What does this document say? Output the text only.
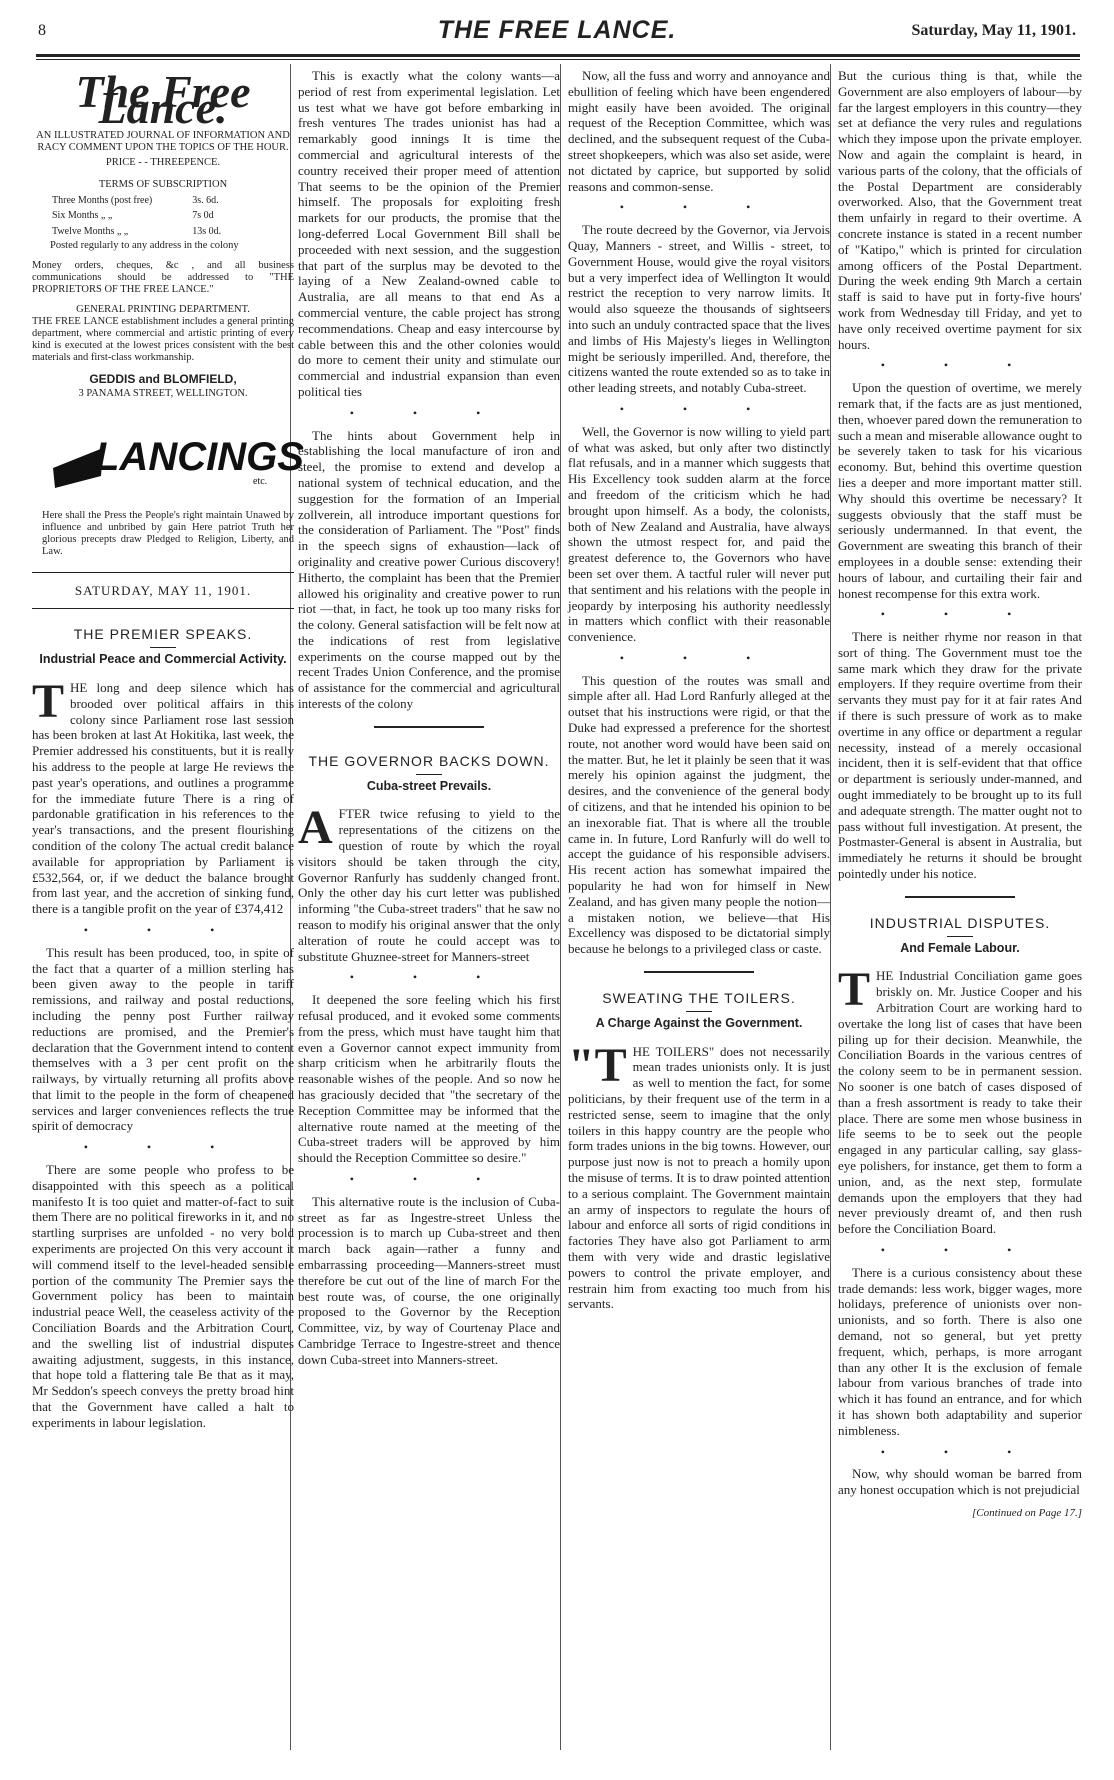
8	THE FREE LANCE.	Saturday, May 11, 1901.
The Free Lance.
AN ILLUSTRATED JOURNAL OF INFORMATION AND RACY COMMENT UPON THE TOPICS OF THE HOUR.
PRICE - - THREEPENCE.
TERMS OF SUBSCRIPTION
Three Months (post free)	3s. 6d.
Six Months „ „	7s 0d
Twelve Months „ „	13s 0d.
Posted regularly to any address in the colony
Money orders, cheques, &c , and all business communications should be addressed to "THE PROPRIETORS OF THE FREE LANCE."
GENERAL PRINTING DEPARTMENT.
THE FREE LANCE establishment includes a general printing department, where commercial and artistic printing of every kind is executed at the lowest prices consistent with the best materials and first-class workmanship.
GEDDIS and BLOMFIELD,
3 PANAMA STREET, WELLINGTON.
LANCINGS
etc.
Here shall the Press the People's right maintain Unawed by influence and unbribed by gain Here patriot Truth her glorious precepts draw Pledged to Religion, Liberty, and Law.
SATURDAY, MAY 11, 1901.
THE PREMIER SPEAKS.
Industrial Peace and Commercial Activity.

THE long and deep silence which has brooded over political affairs in this colony since Parliament rose last session has been broken at last At Hokitika, last week, the Premier addressed his constituents, but it is really his address to the people at large He reviews the past year's operations, and outlines a programme for the immediate future There is a ring of pardonable gratification in his references to the year's transactions, and the present flourishing condition of the colony The actual credit balance available for appropriation by Parliament is £532,564, or, if we deduct the balance brought from last year, and the accretion of sinking fund, there is a tangible profit on the year of £374,412

• • •

This result has been produced, too, in spite of the fact that a quarter of a million sterling has been given away to the people in tariff remissions, and railway and postal reductions, including the penny post Further railway reductions are promised, and the Premier's declaration that the Government intend to content themselves with a 3 per cent profit on the railways, by virtually returning all profits above that limit to the people in the form of cheapened services and larger conveniences reflects the true spirit of democracy

• • •

There are some people who profess to be disappointed with this speech as a political manifesto It is too quiet and matter-of-fact to suit them There are no political fireworks in it, and no startling surprises are unfolded - no very bold experiments are projected On this very account it will commend itself to the level-headed sensible portion of the community The Premier says the Government policy has been to maintain industrial peace Well, the ceaseless activity of the Conciliation Boards and the Arbitration Court, and the swelling list of industrial disputes awaiting adjustment, suggests, in this instance, that hope told a flattering tale Be that as it may, Mr Seddon's speech conveys the pretty broad hint that the Government have called a halt to experiments in labour legislation.

This is exactly what the colony wants—a period of rest from experimental legislation. Let us test what we have got before embarking in fresh ventures The trades unionist has had a remarkably good innings It is time the commercial and agricultural interests of the country received their proper meed of attention That seems to be the opinion of the Premier himself. The proposals for exploiting fresh markets for our products, the promise that the long-deferred Local Government Bill shall be proceeded with next session, and the suggestion that part of the surplus may be devoted to the laying of a New Zealand-owned cable to Australia, are all means to that end As a commercial venture, the cable project has strong recommendations. Cheap and easy intercourse by cable between this and the other colonies would do more to cement their unity and stimulate our commercial and industrial expansion than even political ties

• • •

The hints about Government help in establishing the local manufacture of iron and steel, the promise to extend and develop a national system of technical education, and the suggestion for the formation of an Imperial zollverein, all introduce important questions for the consideration of Parliament. The "Post" finds in the speech signs of exhaustion—lack of originality and creative power Curious discovery! Hitherto, the complaint has been that the Premier allowed his originality and creative power to run riot —that, in fact, he took up too many risks for the colony. General satisfaction will be felt now at the indications of rest from legislative experiments on the course mapped out by the recent Trades Union Conference, and the promise of assistance for the commercial and agricultural interests of the colony

THE GOVERNOR BACKS DOWN.
Cuba-street Prevails.

AFTER twice refusing to yield to the representations of the citizens on the question of route by which the royal visitors should be taken through the city, Governor Ranfurly has suddenly changed front. Only the other day his curt letter was published informing "the Cuba-street traders" that he saw no reason to modify his original answer that the only alteration of route he could accept was to substitute Ghuznee-street for Manners-street

• • •

It deepened the sore feeling which his first refusal produced, and it evoked some comments from the press, which must have taught him that even a Governor cannot expect immunity from sharp criticism when he arbitrarily flouts the reasonable wishes of the people. And so now he has graciously decided that "the secretary of the Reception Committee may be informed that the alternative route named at the meeting of the Cuba-street traders will be approved by him should the Reception Committee so desire."

• • •

This alternative route is the inclusion of Cuba-street as far as Ingestre-street Unless the procession is to march up Cuba-street and then march back again—rather a funny and embarrassing proceeding—Manners-street must therefore be cut out of the line of march For the best route was, of course, the one originally proposed to the Governor by the Reception Committee, viz, by way of Courtenay Place and Cambridge Terrace to Ingestre-street and thence down Cuba-street into Manners-street.

Now, all the fuss and worry and annoyance and ebullition of feeling which have been engendered might easily have been avoided. The original request of the Reception Committee, which was declined, and the subsequent request of the Cuba-street shopkeepers, which was also set aside, were not dictated by caprice, but supported by solid reasons and common-sense.

• • •

The route decreed by the Governor, via Jervois Quay, Manners - street, and Willis - street, to Government House, would give the royal visitors but a very imperfect idea of Wellington It would restrict the reception to very narrow limits. It would also squeeze the thousands of sightseers into such an unduly contracted space that the lives and limbs of His Majesty's lieges in Wellington might be seriously imperilled. And, therefore, the citizens wanted the route extended so as to take in other leading streets, and notably Cuba-street.

• • •

Well, the Governor is now willing to yield part of what was asked, but only after two distinctly flat refusals, and in a manner which suggests that His Excellency took sudden alarm at the force and freedom of the criticism which he had brought upon himself. As a body, the colonists, both of New Zealand and Australia, have always shown the utmost respect for, and paid the greatest deference to, the Governors who have been set over them. A tactful ruler will never put that sentiment and his relations with the people in jeopardy by interposing his authority needlessly in matters which conflict with their reasonable convenience.

• • •

This question of the routes was small and simple after all. Had Lord Ranfurly alleged at the outset that his instructions were rigid, or that the Duke had expressed a preference for the shortest route, not another word would have been said on the matter. But, he let it plainly be seen that it was merely his opinion against the judgment, the desires, and the convenience of the general body of citizens, and that he intended his opinion to be an inexorable fiat. That is where all the trouble came in. In future, Lord Ranfurly will do well to accept the guidance of his responsible advisers. His recent action has somewhat impaired the popularity he had won for himself in New Zealand, and has given many people the notion—a mistaken notion, we believe—that His Excellency was disposed to be dictatorial simply because he belongs to a privileged class or caste.

SWEATING THE TOILERS.
A Charge Against the Government.

"THE TOILERS" does not necessarily mean trades unionists only. It is just as well to mention the fact, for some politicians, by their frequent use of the term in a restricted sense, seem to imagine that the only toilers in this happy country are the people who form trades unions in the big towns. However, our purpose just now is not to preach a homily upon the misuse of terms. It is to draw pointed attention to a serious complaint. The Government maintain an army of inspectors to regulate the hours of labour and enforce all sorts of rigid conditions in factories They have also got Parliament to arm them with very wide and drastic legislative powers to control the private employer, and restrain him from exacting too much from his servants.

But the curious thing is that, while the Government are also employers of labour—by far the largest employers in this country—they set at defiance the very rules and regulations which they impose upon the private employer. Now and again the complaint is heard, in various parts of the colony, that the officials of the Postal Department are considerably overworked. Also, that the Government treat them unfairly in regard to their overtime. A concrete instance is stated in a recent number of "Katipo," which is printed for circulation among officers of the Postal Department. During the week ending 9th March a certain staff is said to have put in forty-five hours' work from Wednesday till Friday, and yet to have only received overtime payment for six hours.

• • •

Upon the question of overtime, we merely remark that, if the facts are as just mentioned, then, whoever pared down the remuneration to such a mean and miserable allowance ought to be severely taken to task for his vicarious economy. But, behind this overtime question lies a deeper and more important matter still. Why should this overtime be necessary? It suggests obviously that the staff must be seriously undermanned. In that event, the Government are sweating this branch of their employees in a double sense: extending their hours of labour, and curtailing their fair and honest recompense for this extra work.

• • •

There is neither rhyme nor reason in that sort of thing. The Government must toe the same mark which they draw for the private employers. If they require overtime from their servants they must pay for it at fair rates And if there is such pressure of work as to make overtime in any office or department a regular necessity, instead of a merely occasional incident, then it is self-evident that that office or department is seriously under-manned, and ought immediately to be brought up to its full and adequate strength. The matter ought not to pass without full investigation. At present, the Postmaster-General is absent in Australia, but immediately he returns it should be brought pointedly under his notice.

INDUSTRIAL DISPUTES.
And Female Labour.

THE Industrial Conciliation game goes briskly on. Mr. Justice Cooper and his Arbitration Court are working hard to overtake the long list of cases that have been piling up for their decision. Meanwhile, the Conciliation Boards in the various centres of the colony seem to be in permanent session. No sooner is one batch of cases disposed of than a fresh assortment is ready to take their place. There are some men whose business in life seems to be to seek out the people engaged in any particular calling, say glass-eye polishers, for instance, get them to form a union, and, as the next step, formulate demands upon the employers that they had never previously dreamt of, and then rush before the Conciliation Board.

• • •

There is a curious consistency about these trade demands: less work, bigger wages, more holidays, preference of unionists over non-unionists, and so forth. There is also one demand, not so general, but yet pretty frequent, which, perhaps, is more arrogant than any other It is the exclusion of female labour from various branches of trade into which it has found an entrance, and for which it has shown both adaptability and superior nimbleness.

• • •

Now, why should woman be barred from any honest occupation which is not prejudicial

[Continued on Page 17.]
